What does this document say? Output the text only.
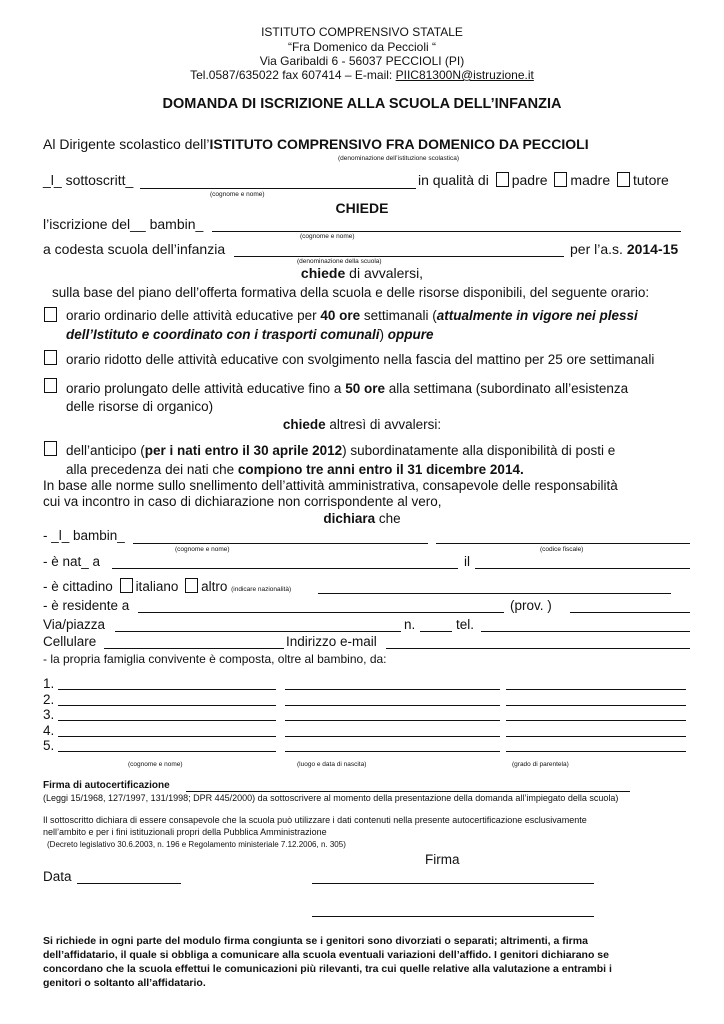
ISTITUTO COMPRENSIVO STATALE
“Fra Domenico da Peccioli “
Via Garibaldi 6 - 56037 PECCIOLI (PI)
Tel.0587/635022 fax 607414 – E-mail: PIIC81300N@istruzione.it
DOMANDA DI ISCRIZIONE ALLA SCUOLA DELL’INFANZIA
Al Dirigente scolastico dell’ISTITUTO COMPRENSIVO FRA DOMENICO DA PECCIOLI
(denominazione dell’istituzione scolastica)
_l_ sottoscritt_
(cognome e nome)
in qualità di padre madre tutore
CHIEDE
l’iscrizione del__ bambin_
(cognome e nome)
a codesta scuola dell’infanzia
(denominazione della scuola)
per l’a.s. 2014-15
chiede di avvalersi,
sulla base del piano dell’offerta formativa della scuola e delle risorse disponibili, del seguente orario:
orario ordinario delle attività educative per 40 ore settimanali (attualmente in vigore nei plessi
dell’Istituto e coordinato con i trasporti comunali) oppure
orario ridotto delle attività educative con svolgimento nella fascia del mattino per 25 ore settimanali
orario prolungato delle attività educative fino a 50 ore alla settimana (subordinato all’esistenza
delle risorse di organico)
chiede altresì di avvalersi:
dell’anticipo (per i nati entro il 30 aprile 2012) subordinatamente alla disponibilità di posti e
alla precedenza dei nati che compiono tre anni entro il 31 dicembre 2014.
In base alle norme sullo snellimento dell’attività amministrativa, consapevole delle responsabilità
cui va incontro in caso di dichiarazione non corrispondente al vero,
dichiara che
- _l_ bambin_
(cognome e nome)	(codice fiscale)
- è nat_ a	il
- è cittadino italiano altro (indicare nazionalità)
- è residente a	(prov. )
Via/piazza	n.	tel.
Cellulare	Indirizzo e-mail
- la propria famiglia convivente è composta, oltre al bambino, da:
1.
2.
3.
4.
5.
(cognome e nome)	(luogo e data di nascita)	(grado di parentela)
Firma di autocertificazione
(Leggi 15/1968, 127/1997, 131/1998; DPR 445/2000) da sottoscrivere al momento della presentazione della domanda all’impiegato della scuola)
Il sottoscritto dichiara di essere consapevole che la scuola può utilizzare i dati contenuti nella presente autocertificazione esclusivamente
nell’ambito e per i fini istituzionali propri della Pubblica Amministrazione
(Decreto legislativo 30.6.2003, n. 196 e Regolamento ministeriale 7.12.2006, n. 305)
Firma
Data
Si richiede in ogni parte del modulo firma congiunta se i genitori sono divorziati o separati; altrimenti, a firma
dell’affidatario, il quale si obbliga a comunicare alla scuola eventuali variazioni dell’affido. I genitori dichiarano se
concordano che la scuola effettui le comunicazioni più rilevanti, tra cui quelle relative alla valutazione a entrambi i
genitori o soltanto all’affidatario.
